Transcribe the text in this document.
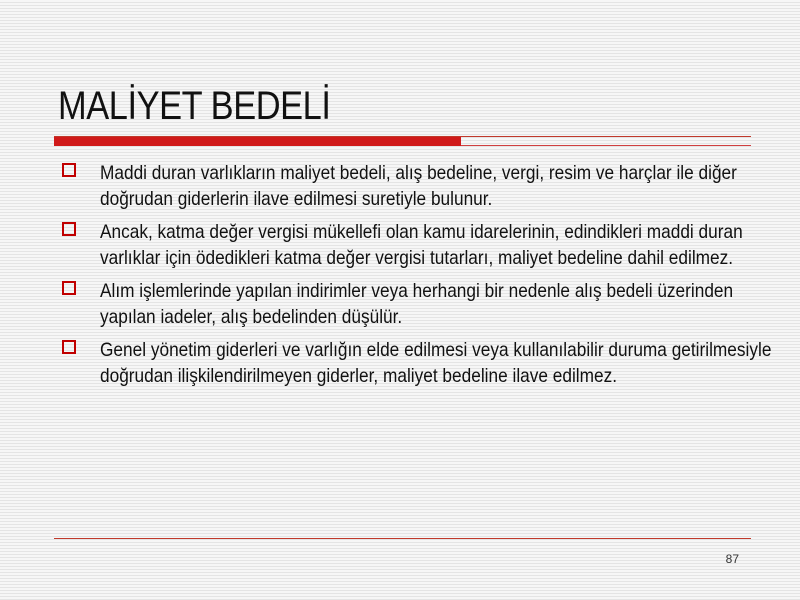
MALİYET BEDELİ
Maddi duran varlıkların maliyet bedeli, alış bedeline, vergi, resim ve harçlar ile diğer doğrudan giderlerin ilave edilmesi suretiyle bulunur.
Ancak, katma değer vergisi mükellefi olan kamu idarelerinin, edindikleri maddi duran varlıklar için ödedikleri katma değer vergisi tutarları, maliyet bedeline dahil edilmez.
Alım işlemlerinde yapılan indirimler veya herhangi bir nedenle alış bedeli üzerinden yapılan iadeler, alış bedelinden düşülür.
Genel yönetim giderleri ve varlığın elde edilmesi veya kullanılabilir duruma getirilmesiyle doğrudan ilişkilendirilmeyen giderler, maliyet bedeline ilave edilmez.
87
